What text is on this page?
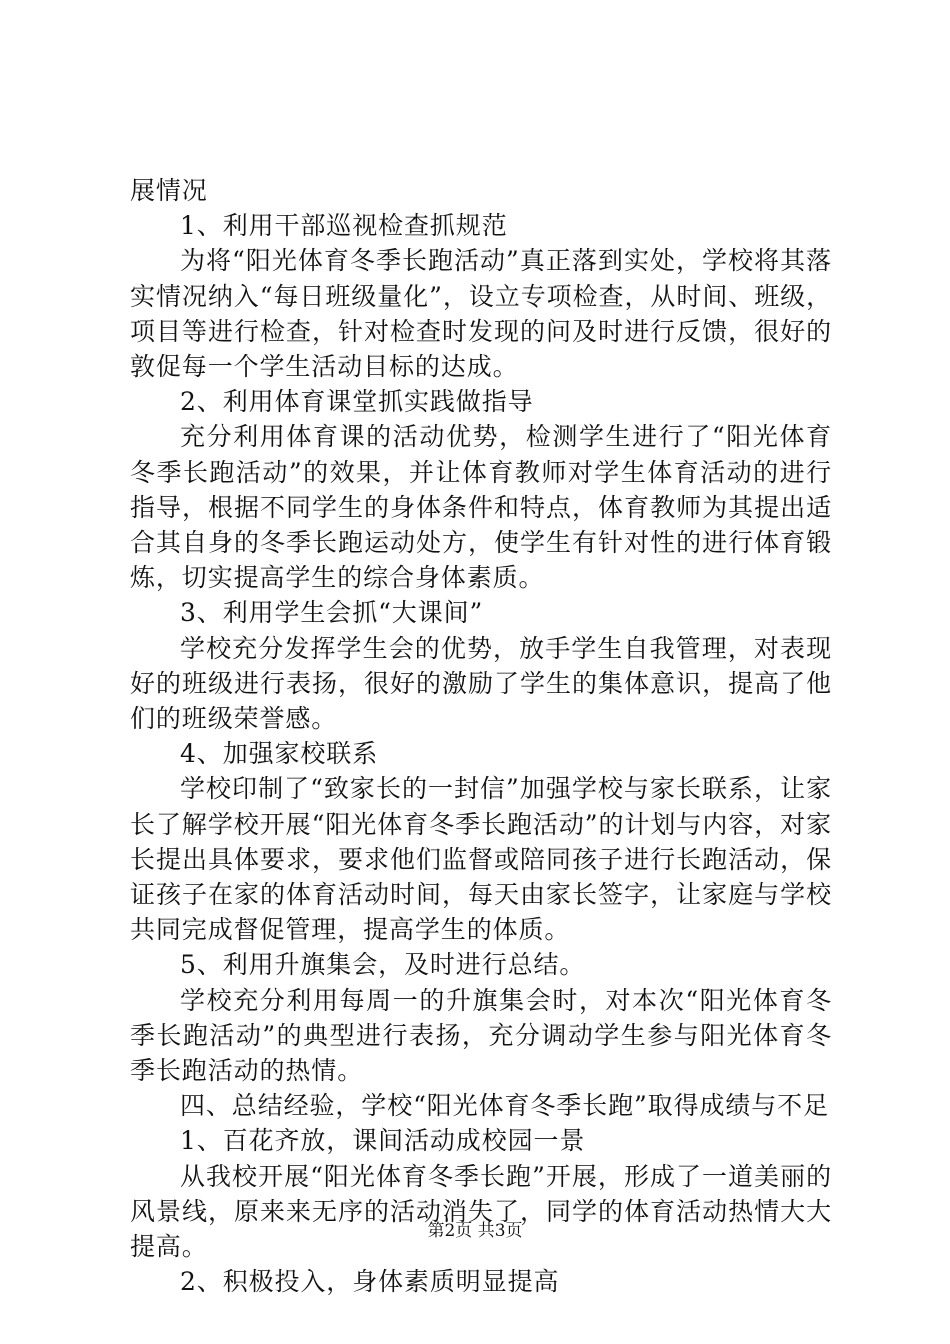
展情况

1、利用干部巡视检查抓规范

为将“阳光体育冬季长跑活动”真正落到实处，学校将其落实情况纳入“每日班级量化”，设立专项检查，从时间、班级，项目等进行检查，针对检查时发现的问及时进行反馈，很好的敦促每一个学生活动目标的达成。

2、利用体育课堂抓实践做指导

充分利用体育课的活动优势，检测学生进行了“阳光体育冬季长跑活动”的效果，并让体育教师对学生体育活动的进行指导，根据不同学生的身体条件和特点，体育教师为其提出适合其自身的冬季长跑运动处方，使学生有针对性的进行体育锻炼，切实提高学生的综合身体素质。

3、利用学生会抓“大课间”

学校充分发挥学生会的优势，放手学生自我管理，对表现好的班级进行表扬，很好的激励了学生的集体意识，提高了他们的班级荣誉感。

4、加强家校联系

学校印制了“致家长的一封信”加强学校与家长联系，让家长了解学校开展“阳光体育冬季长跑活动”的计划与内容，对家长提出具体要求，要求他们监督或陪同孩子进行长跑活动，保证孩子在家的体育活动时间，每天由家长签字，让家庭与学校共同完成督促管理，提高学生的体质。

5、利用升旗集会，及时进行总结。

学校充分利用每周一的升旗集会时，对本次“阳光体育冬季长跑活动”的典型进行表扬，充分调动学生参与阳光体育冬季长跑活动的热情。

四、总结经验，学校“阳光体育冬季长跑”取得成绩与不足

1、百花齐放，课间活动成校园一景

从我校开展“阳光体育冬季长跑”开展，形成了一道美丽的风景线，原来来无序的活动消失了，同学的体育活动热情大大提高。

2、积极投入，身体素质明显提高

第2页 共3页
